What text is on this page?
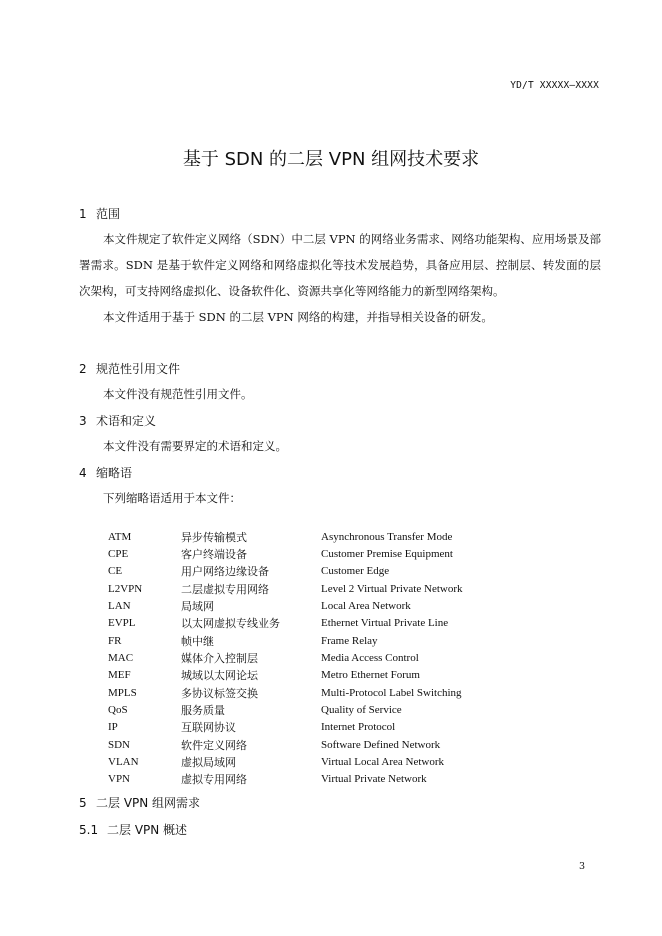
YD/T XXXXX—XXXX
基于 SDN 的二层 VPN 组网技术要求
1 范围
本文件规定了软件定义网络（SDN）中二层 VPN 的网络业务需求、网络功能架构、应用场景及部署需求。SDN 是基于软件定义网络和网络虚拟化等技术发展趋势，具备应用层、控制层、转发面的层次架构，可支持网络虚拟化、设备软件化、资源共享化等网络能力的新型网络架构。
本文件适用于基于 SDN 的二层 VPN 网络的构建，并指导相关设备的研发。
2 规范性引用文件
本文件没有规范性引用文件。
3 术语和定义
本文件没有需要界定的术语和定义。
4 缩略语
下列缩略语适用于本文件：
ATM	异步传输模式	Asynchronous Transfer Mode
CPE	客户终端设备	Customer Premise Equipment
CE	用户网络边缘设备	Customer Edge
L2VPN	二层虚拟专用网络	Level 2 Virtual Private Network
LAN	局域网	Local Area Network
EVPL	以太网虚拟专线业务	Ethernet Virtual Private Line
FR	帧中继	Frame Relay
MAC	媒体介入控制层	Media Access Control
MEF	城域以太网论坛	Metro Ethernet Forum
MPLS	多协议标签交换	Multi-Protocol Label Switching
QoS	服务质量	Quality of Service
IP	互联网协议	Internet Protocol
SDN	软件定义网络	Software Defined Network
VLAN	虚拟局域网	Virtual Local Area Network
VPN	虚拟专用网络	Virtual Private Network
5 二层 VPN 组网需求
5.1 二层 VPN 概述
3
